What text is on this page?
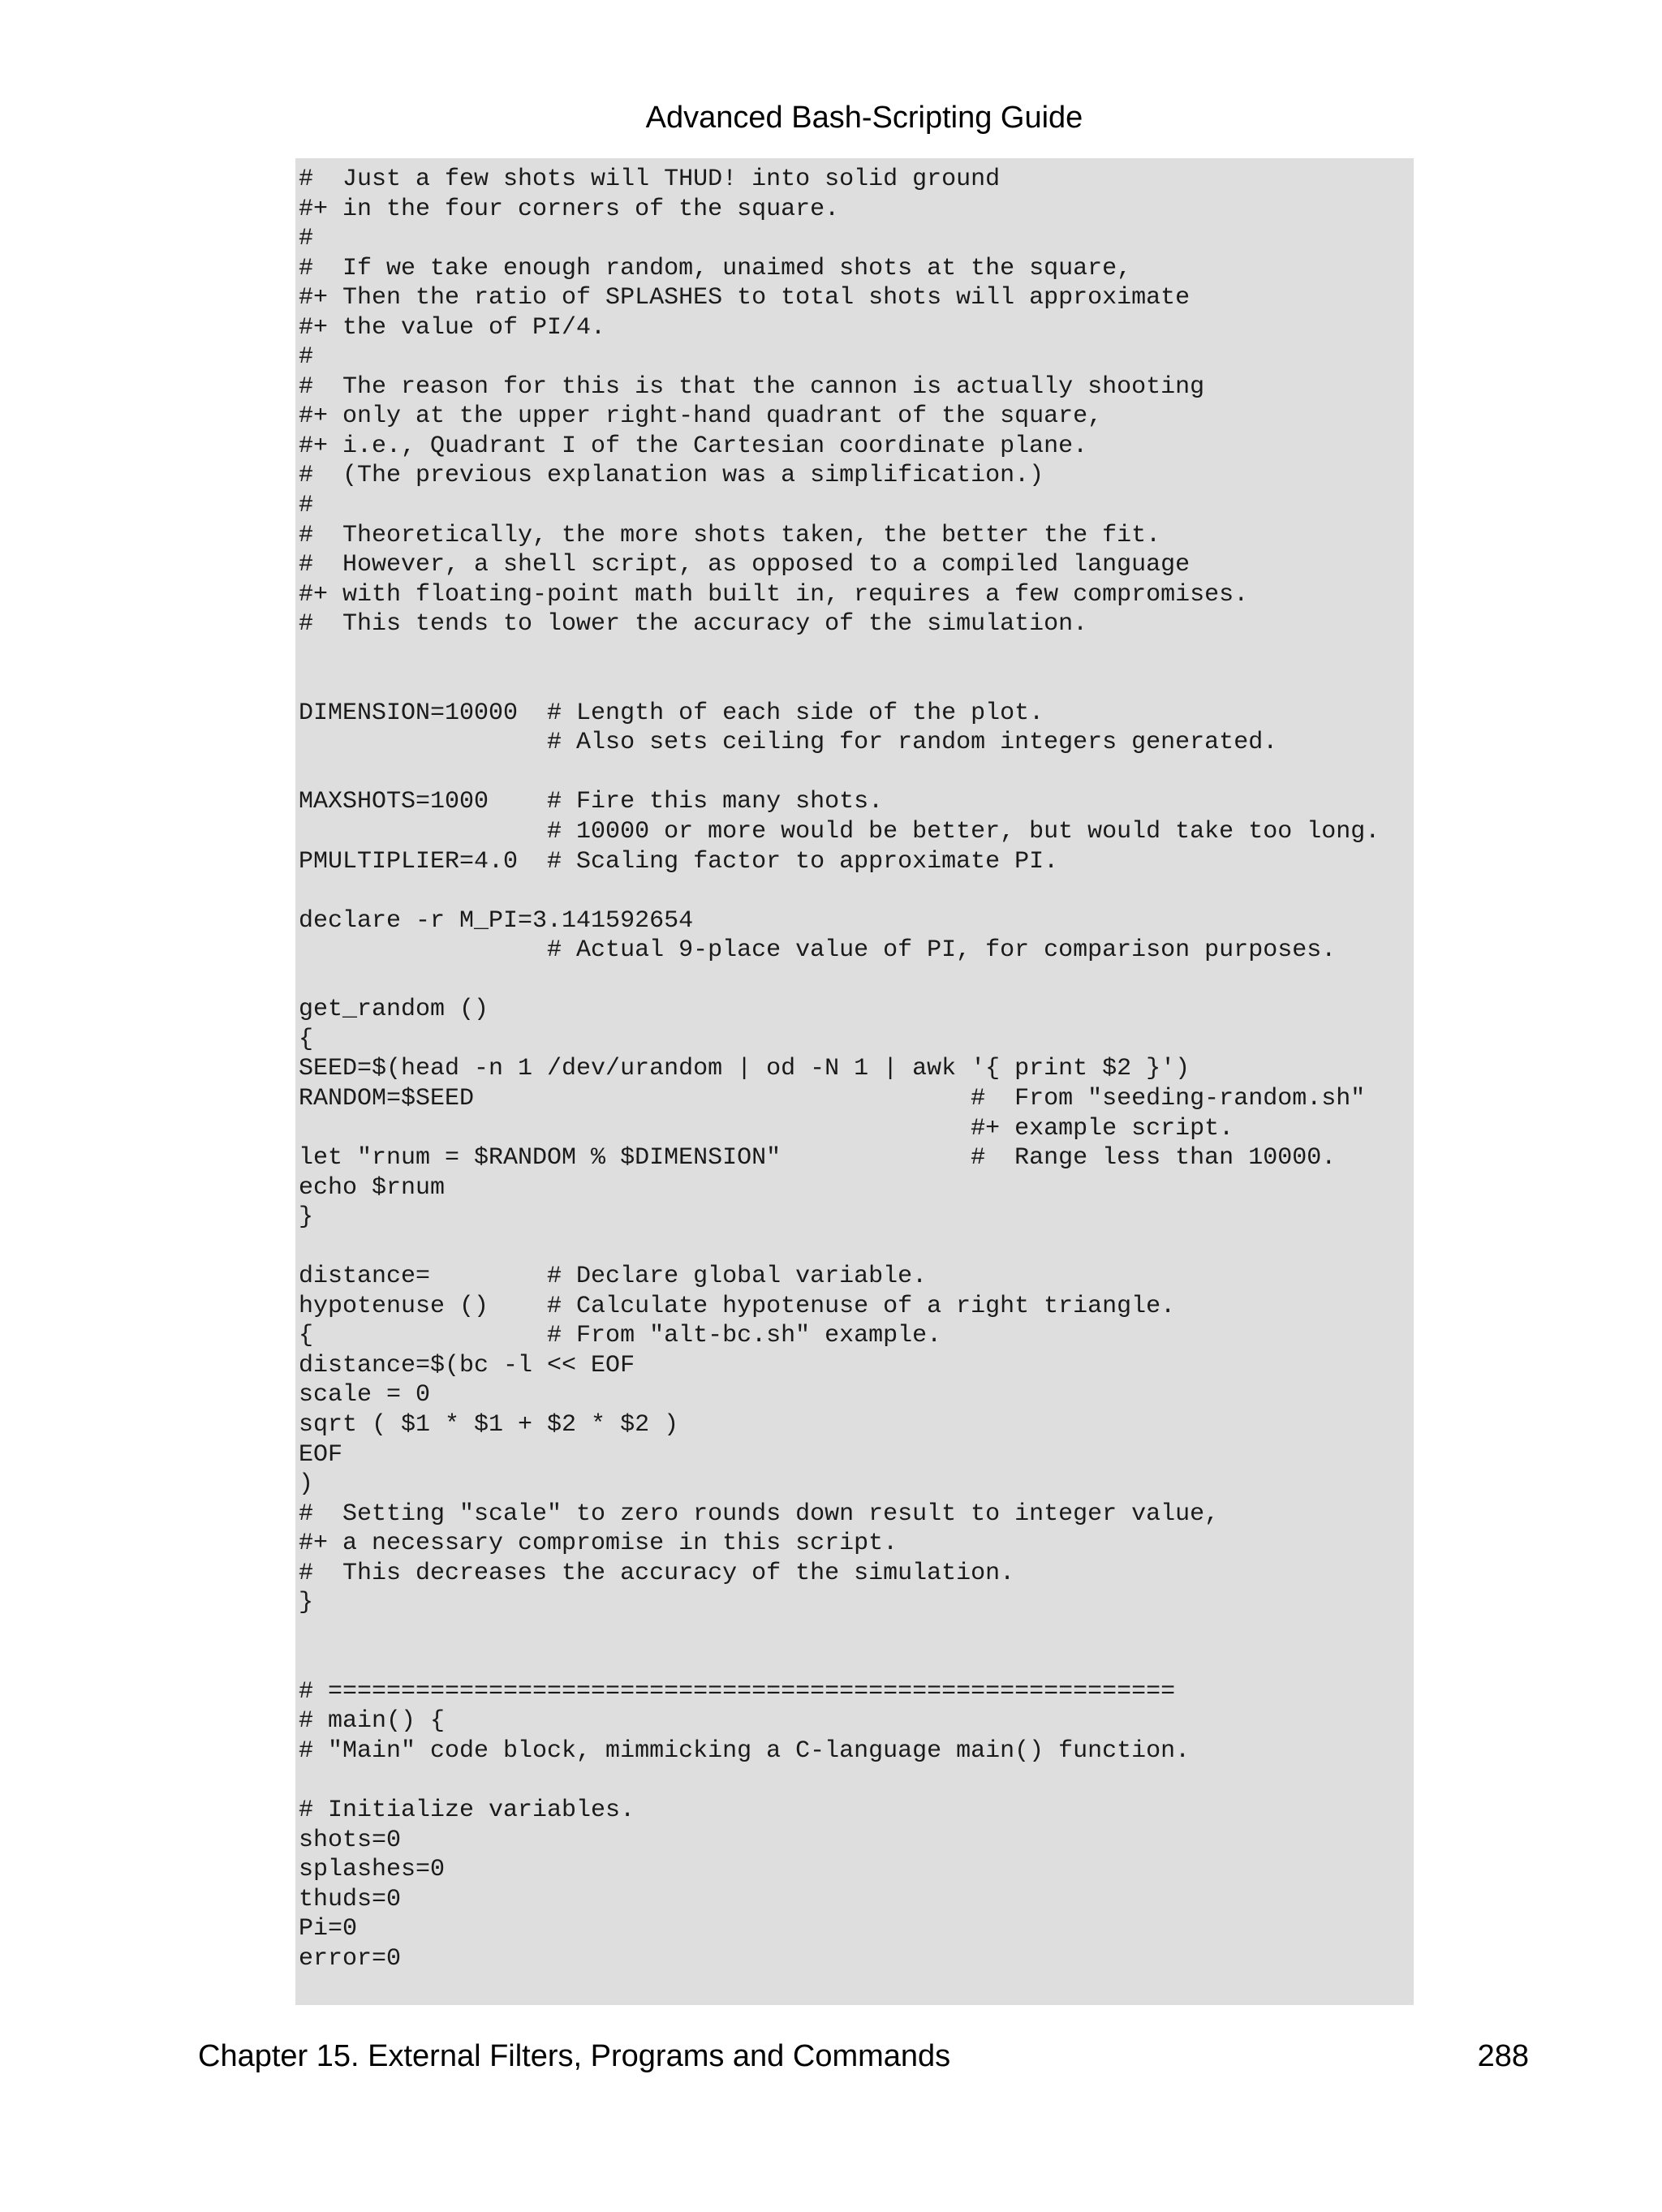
Advanced Bash-Scripting Guide
#  Just a few shots will THUD! into solid ground
#+ in the four corners of the square.
#
#  If we take enough random, unaimed shots at the square,
#+ Then the ratio of SPLASHES to total shots will approximate
#+ the value of PI/4.
#
#  The reason for this is that the cannon is actually shooting
#+ only at the upper right-hand quadrant of the square,
#+ i.e., Quadrant I of the Cartesian coordinate plane.
#  (The previous explanation was a simplification.)
#
#  Theoretically, the more shots taken, the better the fit.
#  However, a shell script, as opposed to a compiled language
#+ with floating-point math built in, requires a few compromises.
#  This tends to lower the accuracy of the simulation.

DIMENSION=10000  # Length of each side of the plot.
# Also sets ceiling for random integers generated.

MAXSHOTS=1000    # Fire this many shots.
# 10000 or more would be better, but would take too long.
PMULTIPLIER=4.0  # Scaling factor to approximate PI.

declare -r M_PI=3.141592654
# Actual 9-place value of PI, for comparison purposes.

get_random ()
{
SEED=$(head -n 1 /dev/urandom | od -N 1 | awk '{ print $2 }')
RANDOM=$SEED                                  #  From "seeding-random.sh"
#+ example script.
let "rnum = $RANDOM % $DIMENSION"             #  Range less than 10000.
echo $rnum
}

distance=        # Declare global variable.
hypotenuse ()    # Calculate hypotenuse of a right triangle.
{                # From "alt-bc.sh" example.
distance=$(bc -l << EOF
scale = 0
sqrt ( $1 * $1 + $2 * $2 )
EOF
)
#  Setting "scale" to zero rounds down result to integer value,
#+ a necessary compromise in this script.
#  This decreases the accuracy of the simulation.
}

# ==========================================================
# main() {
# "Main" code block, mimmicking a C-language main() function.

# Initialize variables.
shots=0
splashes=0
thuds=0
Pi=0
error=0
Chapter 15. External Filters, Programs and Commands	288
